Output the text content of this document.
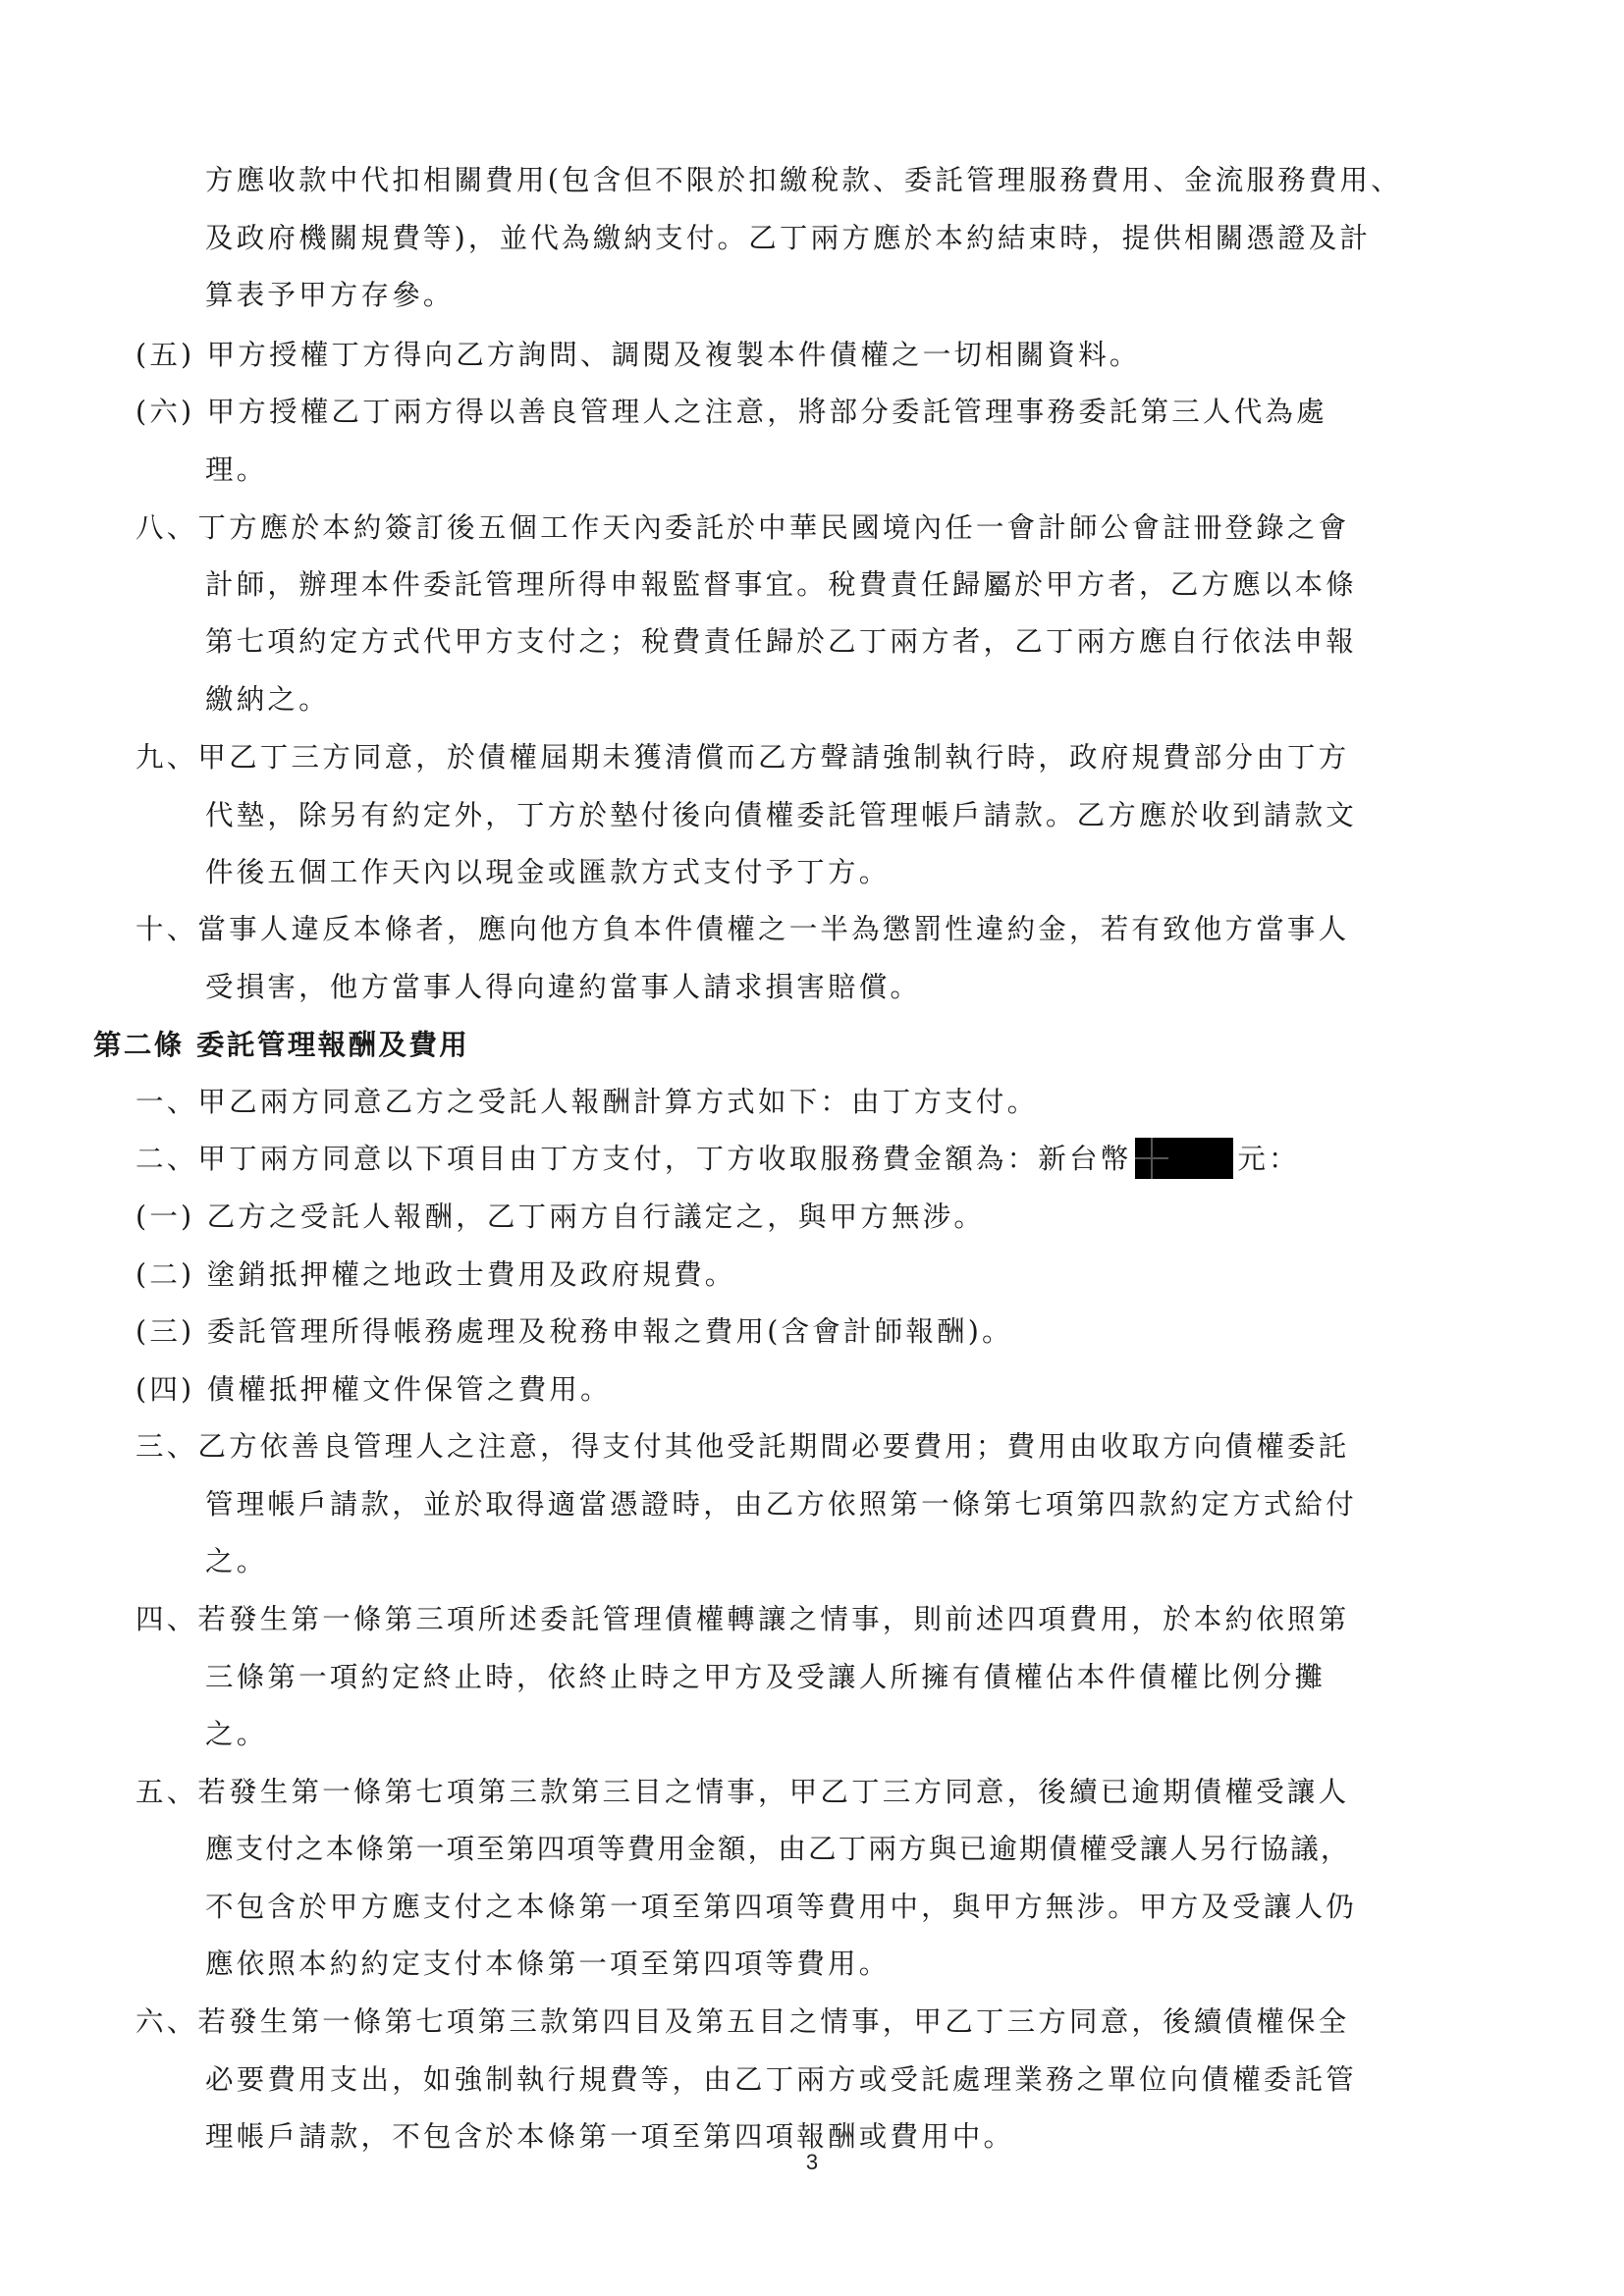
方應收款中代扣相關費用(包含但不限於扣繳稅款、委託管理服務費用、金流服務費用、
及政府機關規費等)，並代為繳納支付。乙丁兩方應於本約結束時，提供相關憑證及計
算表予甲方存參。
(五) 甲方授權丁方得向乙方詢問、調閱及複製本件債權之一切相關資料。
(六) 甲方授權乙丁兩方得以善良管理人之注意，將部分委託管理事務委託第三人代為處
理。
八、丁方應於本約簽訂後五個工作天內委託於中華民國境內任一會計師公會註冊登錄之會
計師，辦理本件委託管理所得申報監督事宜。稅費責任歸屬於甲方者，乙方應以本條
第七項約定方式代甲方支付之；稅費責任歸於乙丁兩方者，乙丁兩方應自行依法申報
繳納之。
九、甲乙丁三方同意，於債權屆期未獲清償而乙方聲請強制執行時，政府規費部分由丁方
代墊，除另有約定外，丁方於墊付後向債權委託管理帳戶請款。乙方應於收到請款文
件後五個工作天內以現金或匯款方式支付予丁方。
十、當事人違反本條者，應向他方負本件債權之一半為懲罰性違約金，若有致他方當事人
受損害，他方當事人得向違約當事人請求損害賠償。
第二條 委託管理報酬及費用
一、甲乙兩方同意乙方之受託人報酬計算方式如下：由丁方支付。
二、甲丁兩方同意以下項目由丁方支付，丁方收取服務費金額為：新台幣	元：
(一) 乙方之受託人報酬，乙丁兩方自行議定之，與甲方無涉。
(二) 塗銷抵押權之地政士費用及政府規費。
(三) 委託管理所得帳務處理及稅務申報之費用(含會計師報酬)。
(四) 債權抵押權文件保管之費用。
三、乙方依善良管理人之注意，得支付其他受託期間必要費用；費用由收取方向債權委託
管理帳戶請款，並於取得適當憑證時，由乙方依照第一條第七項第四款約定方式給付
之。
四、若發生第一條第三項所述委託管理債權轉讓之情事，則前述四項費用，於本約依照第
三條第一項約定終止時，依終止時之甲方及受讓人所擁有債權佔本件債權比例分攤
之。
五、若發生第一條第七項第三款第三目之情事，甲乙丁三方同意，後續已逾期債權受讓人
應支付之本條第一項至第四項等費用金額，由乙丁兩方與已逾期債權受讓人另行協議，
不包含於甲方應支付之本條第一項至第四項等費用中，與甲方無涉。甲方及受讓人仍
應依照本約約定支付本條第一項至第四項等費用。
六、若發生第一條第七項第三款第四目及第五目之情事，甲乙丁三方同意，後續債權保全
必要費用支出，如強制執行規費等，由乙丁兩方或受託處理業務之單位向債權委託管
理帳戶請款，不包含於本條第一項至第四項報酬或費用中。
3
